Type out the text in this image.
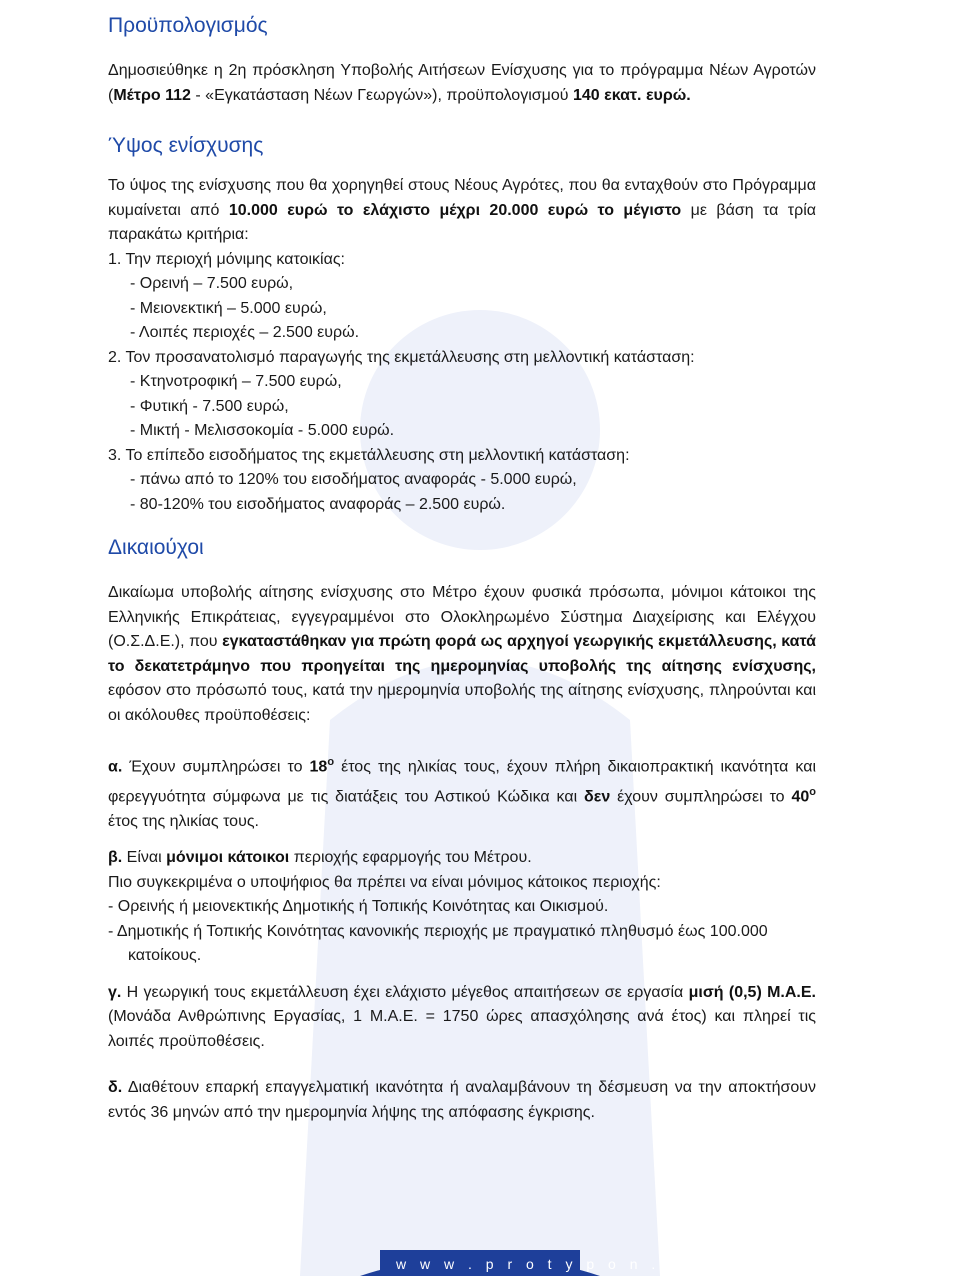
Προϋπολογισμός

Δημοσιεύθηκε η 2η πρόσκληση Υποβολής Αιτήσεων Ενίσχυσης για το πρόγραμμα Νέων Αγροτών (Μέτρο 112 - «Εγκατάσταση Νέων Γεωργών»), προϋπολογισμού 140 εκατ. ευρώ.

Ύψος ενίσχυσης

Το ύψος της ενίσχυσης που θα χορηγηθεί στους Νέους Αγρότες, που θα ενταχθούν στο Πρόγραμμα κυμαίνεται από 10.000 ευρώ το ελάχιστο μέχρι 20.000 ευρώ το μέγιστο με βάση τα τρία παρακάτω κριτήρια:

1. Την περιοχή μόνιμης κατοικίας:
- Ορεινή – 7.500 ευρώ,
- Μειονεκτική – 5.000 ευρώ,
- Λοιπές περιοχές – 2.500 ευρώ.
2. Τον προσανατολισμό παραγωγής της εκμετάλλευσης στη μελλοντική κατάσταση:
- Κτηνοτροφική – 7.500 ευρώ,
- Φυτική - 7.500 ευρώ,
- Μικτή - Μελισσοκομία - 5.000 ευρώ.
3. Το επίπεδο εισοδήματος της εκμετάλλευσης στη μελλοντική κατάσταση:
- πάνω από το 120% του εισοδήματος αναφοράς - 5.000 ευρώ,
- 80-120% του εισοδήματος αναφοράς – 2.500 ευρώ.
Δικαιούχοι

Δικαίωμα υποβολής αίτησης ενίσχυσης στο Μέτρο έχουν φυσικά πρόσωπα, μόνιμοι κάτοικοι της Ελληνικής Επικράτειας, εγγεγραμμένοι στο Ολοκληρωμένο Σύστημα Διαχείρισης και Ελέγχου (Ο.Σ.Δ.Ε.), που εγκαταστάθηκαν για πρώτη φορά ως αρχηγοί γεωργικής εκμετάλλευσης, κατά το δεκατετράμηνο που προηγείται της ημερομηνίας υποβολής της αίτησης ενίσχυσης, εφόσον στο πρόσωπό τους, κατά την ημερομηνία υποβολής της αίτησης ενίσχυσης, πληρούνται και οι ακόλουθες προϋποθέσεις:

α. Έχουν συμπληρώσει το $18^o$ έτος της ηλικίας τους, έχουν πλήρη δικαιοπρακτική ικανότητα και φερεγγυότητα σύμφωνα με τις διατάξεις του Αστικού Κώδικα και δεν έχουν συμπληρώσει το $40^o$ έτος της ηλικίας τους.

β. Είναι μόνιμοι κάτοικοι περιοχής εφαρμογής του Μέτρου.

Πιο συγκεκριμένα ο υποψήφιος θα πρέπει να είναι μόνιμος κάτοικος περιοχής:
- Ορεινής ή μειονεκτικής Δημοτικής ή Τοπικής Κοινότητας και Οικισμού.
- Δημοτικής ή Τοπικής Κοινότητας κανονικής περιοχής με πραγματικό πληθυσμό έως 100.000 κατοίκους.

γ. Η γεωργική τους εκμετάλλευση έχει ελάχιστο μέγεθος απαιτήσεων σε εργασία μισή (0,5) Μ.Α.Ε. (Μονάδα Ανθρώπινης Εργασίας, 1 Μ.Α.Ε. = 1750 ώρες απασχόλησης ανά έτος) και πληρεί τις λοιπές προϋποθέσεις.

δ. Διαθέτουν επαρκή επαγγελματική ικανότητα ή αναλαμβάνουν τη δέσμευση να την αποκτήσουν εντός 36 μηνών από την ημερομηνία λήψης της απόφασης έγκρισης.

w w w . p r o t y p o n . e u
